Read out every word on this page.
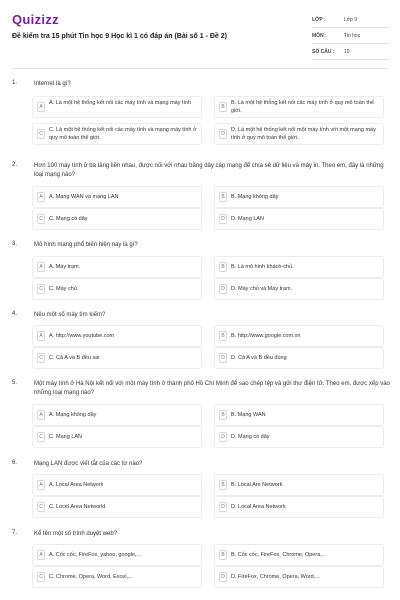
Quizizz
Đề kiểm tra 15 phút Tin học 9 Học kì 1 có đáp án (Bài số 1 - Đề 2)
LỚP :	Lớp 9
MÔN :	Tin học
SỐ CÂU :	10
1.	Internet là gì?
A
A. Là một hệ thống kết nối các máy tính và mạng máy tính
B
B. Là một hệ thống kết nối các máy tính ở quy mô toàn thế giới.
C
C. Là một hệ thống kết nối các máy tính và mạng máy tính ở quy mô toàn thế giới.
D
D. Là một hệ thống kết nối một máy tính với một mạng máy tính ở quy mô toàn thế giới.
2.	Hơn 100 máy tính ở ba tầng liền nhau, được nối với nhau bằng dây cáp mạng để chia sẻ dữ liệu và máy in. Theo em, đây là những loại mạng nào?
A	A. Mạng WAN và mạng LAN	B	B. Mạng không dây
C	C. Mạng có dây	D	D. Mạng LAN
3.	Mô hình mạng phổ biến hiện nay là gì?
A	A. Máy trạm.	B	B. Là mô hình khách-chủ.
C	C. Máy chủ.	D	D. Máy chủ và Máy trạm.
4.	Nêu một số máy tìm kiếm?
A	A. http://www.youtube.com	B	B. http://www.google.com.vn
C	C. Cả A và B đều sai	D	D. Cả A và B đều đúng
5.	Một máy tính ở Hà Nội kết nối với một máy tính ở thành phố Hồ Chí Minh để sao chép tệp và gửi thư điện tử. Theo em, được xếp vào những loại mạng nào?
A	A. Mạng không dây	B	B. Mạng WAN
C	C. Mạng LAN	D	D. Mạng có dây
6.	Mạng LAN được viết tắt của các từ nào?
A	A. Local Area Network	B	B. Local Are Network
C	C. Locel Area Networld	D	D. Local Area Network
7.	Kể tên một số trình duyệt web?
A	A. Cốc cốc, FireFox, yahoo, google,...	B	B. Cốc cốc, FireFox, Chrome, Opera,...
C	C. Chrome, Opera, Word, Excel,...	D	D. FireFox, Chrome, Opera, Word,...
